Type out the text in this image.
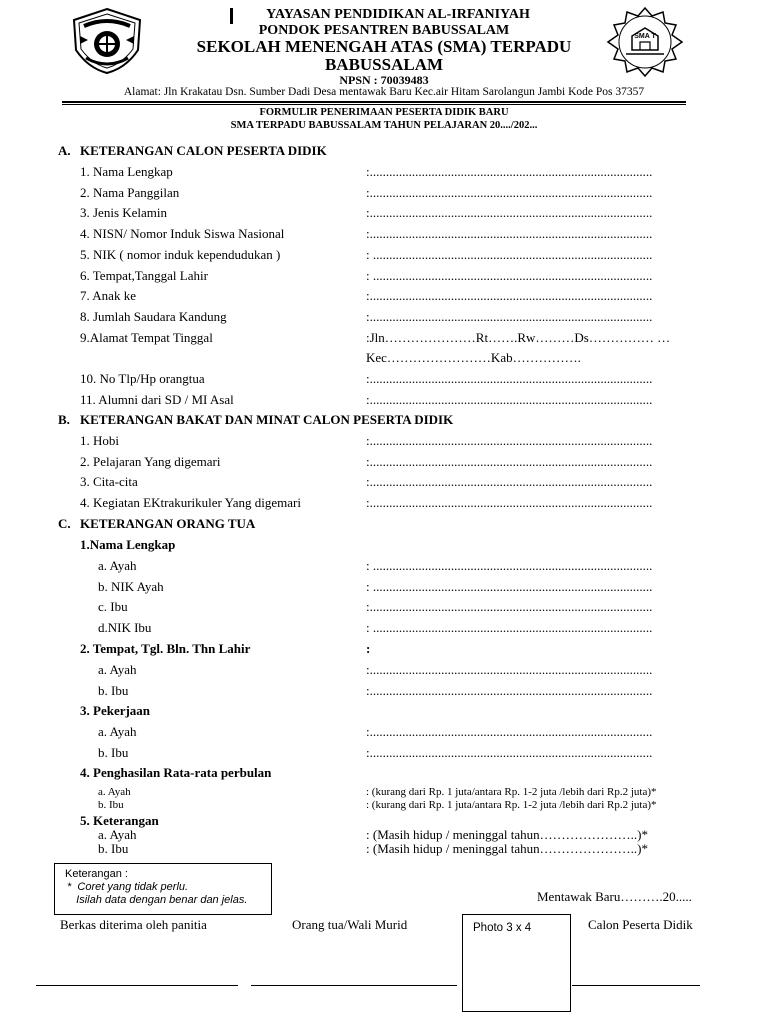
SMA T
YAYASAN PENDIDIKAN AL-IRFANIYAH
PONDOK PESANTREN BABUSSALAM
SEKOLAH MENENGAH ATAS (SMA) TERPADU
BABUSSALAM
NPSN : 70039483
Alamat: Jln Krakatau Dsn. Sumber Dadi Desa mentawak Baru Kec.air Hitam Sarolangun Jambi Kode Pos 37357
FORMULIR PENERIMAAN PESERTA DIDIK BARU
SMA TERPADU BABUSSALAM TAHUN PELAJARAN 20..../202...
A. KETERANGAN CALON PESERTA DIDIK
1. Nama Lengkap	:.......................................................................................
2. Nama Panggilan	:.......................................................................................
3. Jenis Kelamin	:.......................................................................................
4. NISN/ Nomor Induk Siswa Nasional	:.......................................................................................
5. NIK ( nomor induk kependudukan )	: ......................................................................................
6. Tempat,Tanggal Lahir	: ......................................................................................
7. Anak ke	:.......................................................................................
8. Jumlah Saudara Kandung	:.......................................................................................
9.Alamat Tempat Tinggal	:Jln…………………Rt…….Rw………Ds…………… …
Kec……………………Kab…………….
10. No Tlp/Hp orangtua	:.......................................................................................
11. Alumni dari SD / MI Asal	:.......................................................................................
B. KETERANGAN BAKAT DAN MINAT CALON PESERTA DIDIK
1. Hobi	:.......................................................................................
2. Pelajaran Yang digemari	:.......................................................................................
3. Cita-cita	:.......................................................................................
4. Kegiatan EKtrakurikuler Yang digemari	:.......................................................................................
C. KETERANGAN ORANG TUA
1.Nama Lengkap
a. Ayah	: ......................................................................................
b. NIK Ayah	: ......................................................................................
c. Ibu	:.......................................................................................
d.NIK Ibu	: ......................................................................................
2. Tempat, Tgl. Bln. Thn Lahir	:
a. Ayah	:.......................................................................................
b. Ibu	:.......................................................................................
3. Pekerjaan
a. Ayah	:.......................................................................................
b. Ibu	:.......................................................................................
4. Penghasilan Rata-rata perbulan
a. Ayah	: (kurang dari Rp. 1 juta/antara Rp. 1-2 juta /lebih dari Rp.2 juta)*
b. Ibu	: (kurang dari Rp. 1 juta/antara Rp. 1-2 juta /lebih dari Rp.2 juta)*
5. Keterangan
a. Ayah	: (Masih hidup / meninggal tahun…………………..)*
b. Ibu	: (Masih hidup / meninggal tahun…………………..)*
Keterangan :
*  Coret yang tidak perlu.
Isilah data dengan benar dan jelas.	Mentawak Baru……….20.....
Berkas diterima oleh panitia	Orang tua/Wali Murid	Photo 3 x 4	Calon Peserta Didik
